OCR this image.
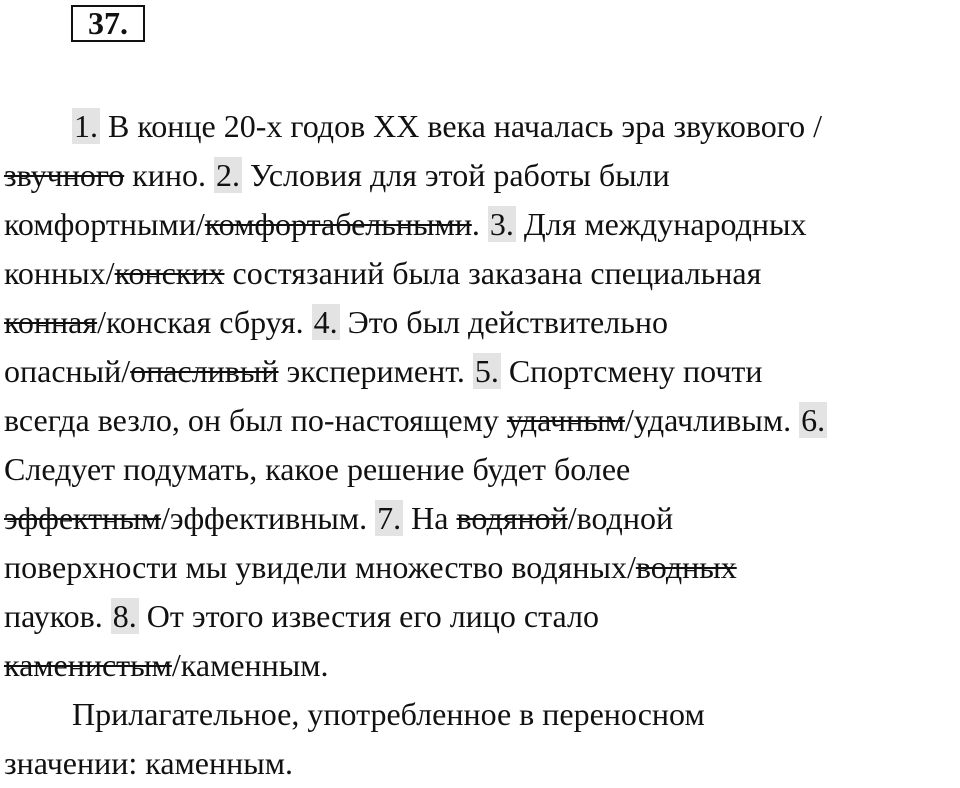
37.
1. В конце 20-х годов XX века началась эра звукового /
звучного кино. 2. Условия для этой работы были
комфортными/комфортабельными. 3. Для международных
конных/конских состязаний была заказана специальная
конная/конская сбруя. 4. Это был действительно
опасный/опасливый эксперимент. 5. Спортсмену почти
всегда везло, он был по-настоящему удачным/удачливым. 6.
Следует подумать, какое решение будет более
эффектным/эффективным. 7. На водяной/водной
поверхности мы увидели множество водяных/водных
пауков. 8. От этого известия его лицо стало
каменистым/каменным.
Прилагательное, употребленное в переносном
значении: каменным.
